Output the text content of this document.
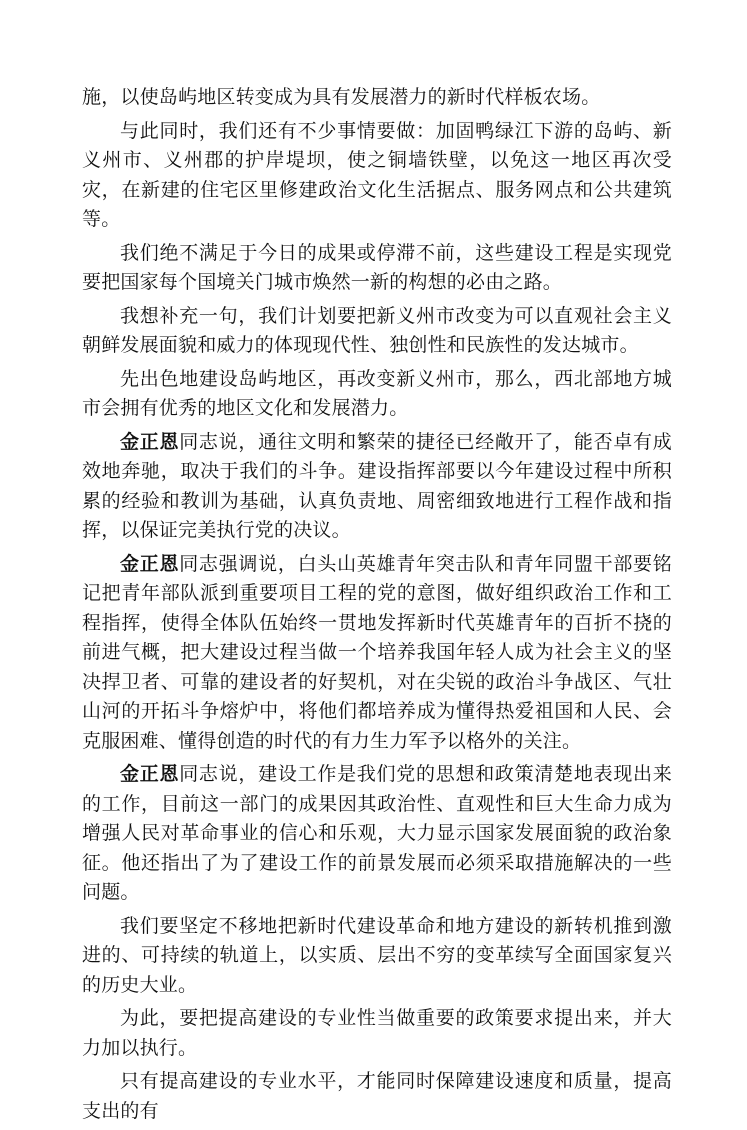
施，以使岛屿地区转变成为具有发展潜力的新时代样板农场。

与此同时，我们还有不少事情要做：加固鸭绿江下游的岛屿、新义州市、义州郡的护岸堤坝，使之铜墙铁壁，以免这一地区再次受灾，在新建的住宅区里修建政治文化生活据点、服务网点和公共建筑等。

我们绝不满足于今日的成果或停滞不前，这些建设工程是实现党要把国家每个国境关门城市焕然一新的构想的必由之路。

我想补充一句，我们计划要把新义州市改变为可以直观社会主义朝鲜发展面貌和威力的体现现代性、独创性和民族性的发达城市。

先出色地建设岛屿地区，再改变新义州市，那么，西北部地方城市会拥有优秀的地区文化和发展潜力。

金正恩同志说，通往文明和繁荣的捷径已经敞开了，能否卓有成效地奔驰，取决于我们的斗争。建设指挥部要以今年建设过程中所积累的经验和教训为基础，认真负责地、周密细致地进行工程作战和指挥，以保证完美执行党的决议。

金正恩同志强调说，白头山英雄青年突击队和青年同盟干部要铭记把青年部队派到重要项目工程的党的意图，做好组织政治工作和工程指挥，使得全体队伍始终一贯地发挥新时代英雄青年的百折不挠的前进气概，把大建设过程当做一个培养我国年轻人成为社会主义的坚决捍卫者、可靠的建设者的好契机，对在尖锐的政治斗争战区、气壮山河的开拓斗争熔炉中，将他们都培养成为懂得热爱祖国和人民、会克服困难、懂得创造的时代的有力生力军予以格外的关注。

金正恩同志说，建设工作是我们党的思想和政策清楚地表现出来的工作，目前这一部门的成果因其政治性、直观性和巨大生命力成为增强人民对革命事业的信心和乐观，大力显示国家发展面貌的政治象征。他还指出了为了建设工作的前景发展而必须采取措施解决的一些问题。

我们要坚定不移地把新时代建设革命和地方建设的新转机推到激进的、可持续的轨道上，以实质、层出不穷的变革续写全面国家复兴的历史大业。

为此，要把提高建设的专业性当做重要的政策要求提出来，并大力加以执行。

只有提高建设的专业水平，才能同时保障建设速度和质量，提高支出的有
